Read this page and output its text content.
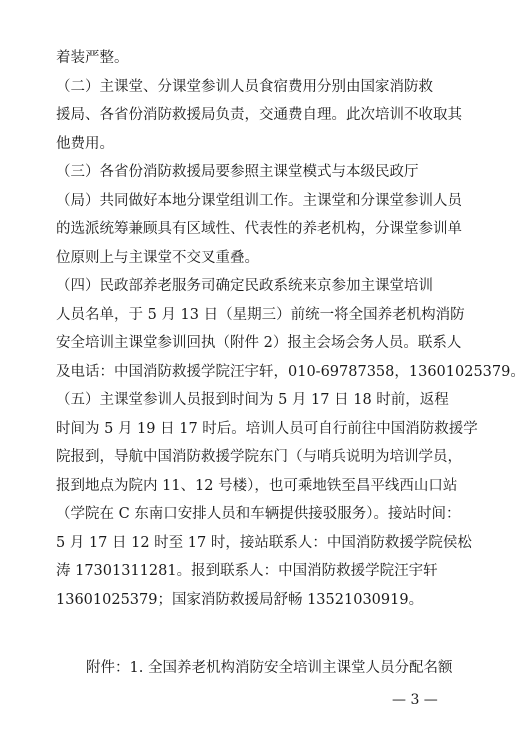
着装严整。
（二）主课堂、分课堂参训人员食宿费用分别由国家消防救
援局、各省份消防救援局负责，交通费自理。此次培训不收取其
他费用。
（三）各省份消防救援局要参照主课堂模式与本级民政厅
（局）共同做好本地分课堂组训工作。主课堂和分课堂参训人员
的选派统筹兼顾具有区域性、代表性的养老机构，分课堂参训单
位原则上与主课堂不交叉重叠。
（四）民政部养老服务司确定民政系统来京参加主课堂培训
人员名单，于 5 月 13 日（星期三）前统一将全国养老机构消防
安全培训主课堂参训回执（附件 2）报主会场会务人员。联系人
及电话：中国消防救援学院汪宇轩，010-69787358，13601025379。
（五）主课堂参训人员报到时间为 5 月 17 日 18 时前，返程
时间为 5 月 19 日 17 时后。培训人员可自行前往中国消防救援学
院报到，导航中国消防救援学院东门（与哨兵说明为培训学员，
报到地点为院内 11、12 号楼），也可乘地铁至昌平线西山口站
（学院在 C 东南口安排人员和车辆提供接驳服务）。接站时间：
5 月 17 日 12 时至 17 时，接站联系人：中国消防救援学院侯松
涛 17301311281。报到联系人：中国消防救援学院汪宇轩
13601025379；国家消防救援局舒畅 13521030919。
附件：1. 全国养老机构消防安全培训主课堂人员分配名额
— 3 —
